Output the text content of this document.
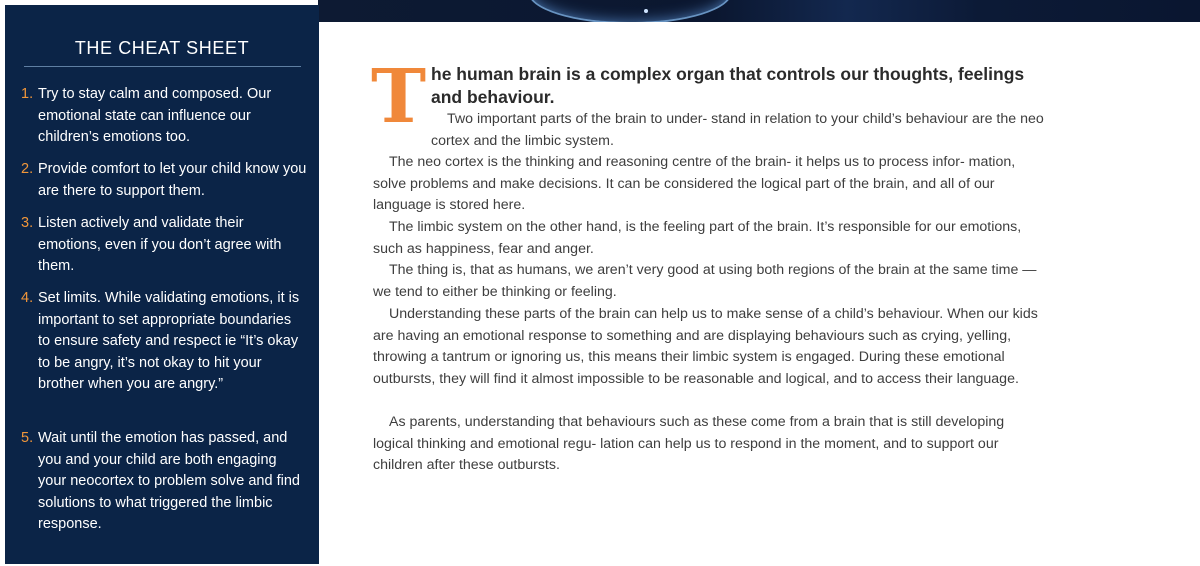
THE CHEAT SHEET
1. Try to stay calm and composed. Our emotional state can influence our children’s emotions too.
2. Provide comfort to let your child know you are there to support them.
3. Listen actively and validate their emotions, even if you don’t agree with them.
4. Set limits. While validating emotions, it is important to set appropriate boundaries to ensure safety and respect ie “It’s okay to be angry, it’s not okay to hit your brother when you are angry.”
5. Wait until the emotion has passed, and you and your child are both engaging your neocortex to problem solve and find solutions to what triggered the limbic response.
T he human brain is a complex organ that controls our thoughts, feelings and behaviour.

Two important parts of the brain to under- stand in relation to your child’s behaviour are the neo cortex and the limbic system.

The neo cortex is the thinking and reasoning centre of the brain- it helps us to process infor- mation, solve problems and make decisions. It can be considered the logical part of the brain, and all of our language is stored here.

The limbic system on the other hand, is the feeling part of the brain. It’s responsible for our emotions, such as happiness, fear and anger.

The thing is, that as humans, we aren’t very good at using both regions of the brain at the same time — we tend to either be thinking or feeling.

Understanding these parts of the brain can help us to make sense of a child’s behaviour. When our kids are having an emotional response to something and are displaying behaviours such as crying, yelling, throwing a tantrum or ignoring us, this means their limbic system is engaged. During these emotional outbursts, they will find it almost impossible to be reasonable and logical, and to access their language.

As parents, understanding that behaviours such as these come from a brain that is still developing logical thinking and emotional regu- lation can help us to respond in the moment, and to support our children after these outbursts.
